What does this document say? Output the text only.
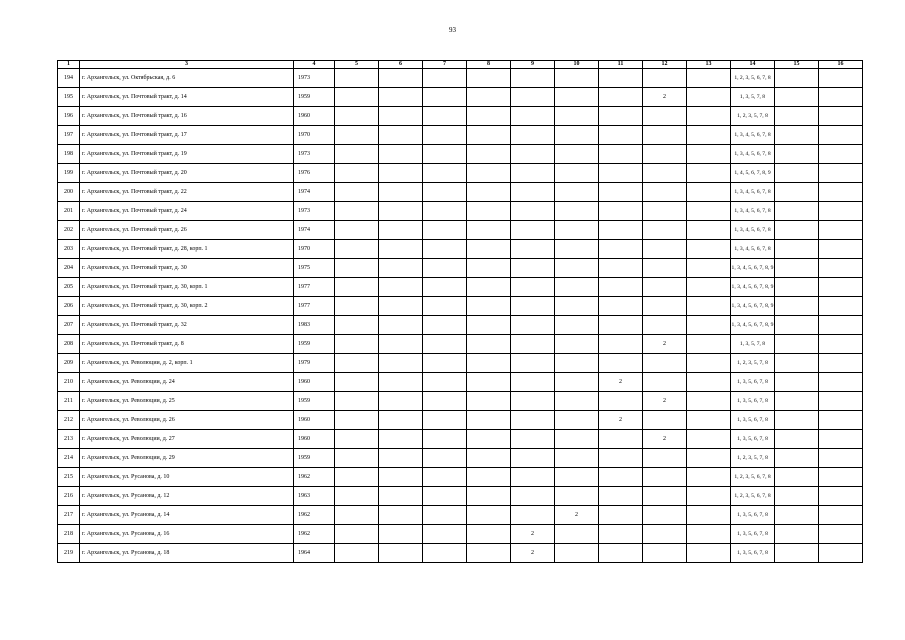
93
1	3	4	5	6	7	8	9	10	11	12	13	14	15	16
194	г. Архангельск, ул. Октябрьская, д. 6	1973										1, 2, 3, 5, 6, 7, 8		
195	г. Архангельск, ул. Почтовый тракт, д. 14	1959								2		1, 3, 5, 7, 8		
196	г. Архангельск, ул. Почтовый тракт, д. 16	1960										1, 2, 3, 5, 7, 8		
197	г. Архангельск, ул. Почтовый тракт, д. 17	1970										1, 3, 4, 5, 6, 7, 8		
198	г. Архангельск, ул. Почтовый тракт, д. 19	1973										1, 3, 4, 5, 6, 7, 8		
199	г. Архангельск, ул. Почтовый тракт, д. 20	1976										1, 4, 5, 6, 7, 8, 9		
200	г. Архангельск, ул. Почтовый тракт, д. 22	1974										1, 3, 4, 5, 6, 7, 8		
201	г. Архангельск, ул. Почтовый тракт, д. 24	1973										1, 3, 4, 5, 6, 7, 8		
202	г. Архангельск, ул. Почтовый тракт, д. 26	1974										1, 3, 4, 5, 6, 7, 8		
203	г. Архангельск, ул. Почтовый тракт, д. 28, корп. 1	1970										1, 3, 4, 5, 6, 7, 8		
204	г. Архангельск, ул. Почтовый тракт, д. 30	1975										1, 3, 4, 5, 6, 7, 8, 9		
205	г. Архангельск, ул. Почтовый тракт, д. 30, корп. 1	1977										1, 3, 4, 5, 6, 7, 8, 9		
206	г. Архангельск, ул. Почтовый тракт, д. 30, корп. 2	1977										1, 3, 4, 5, 6, 7, 8, 9		
207	г. Архангельск, ул. Почтовый тракт, д. 32	1983										1, 3, 4, 5, 6, 7, 8, 9		
208	г. Архангельск, ул. Почтовый тракт, д. 8	1959								2		1, 3, 5, 7, 8		
209	г. Архангельск, ул. Революции, д. 2, корп. 1	1979										1, 2, 3, 5, 7, 8		
210	г. Архангельск, ул. Революции, д. 24	1960							2			1, 3, 5, 6, 7, 8		
211	г. Архангельск, ул. Революции, д. 25	1959								2		1, 3, 5, 6, 7, 8		
212	г. Архангельск, ул. Революции, д. 26	1960							2			1, 3, 5, 6, 7, 8		
213	г. Архангельск, ул. Революции, д. 27	1960								2		1, 3, 5, 6, 7, 8		
214	г. Архангельск, ул. Революции, д. 29	1959										1, 2, 3, 5, 7, 8		
215	г. Архангельск, ул. Русанова, д. 10	1962										1, 2, 3, 5, 6, 7, 8		
216	г. Архангельск, ул. Русанова, д. 12	1963										1, 2, 3, 5, 6, 7, 8		
217	г. Архангельск, ул. Русанова, д. 14	1962						2				1, 3, 5, 6, 7, 8		
218	г. Архангельск, ул. Русанова, д. 16	1962					2					1, 3, 5, 6, 7, 8		
219	г. Архангельск, ул. Русанова, д. 18	1964					2					1, 3, 5, 6, 7, 8		
